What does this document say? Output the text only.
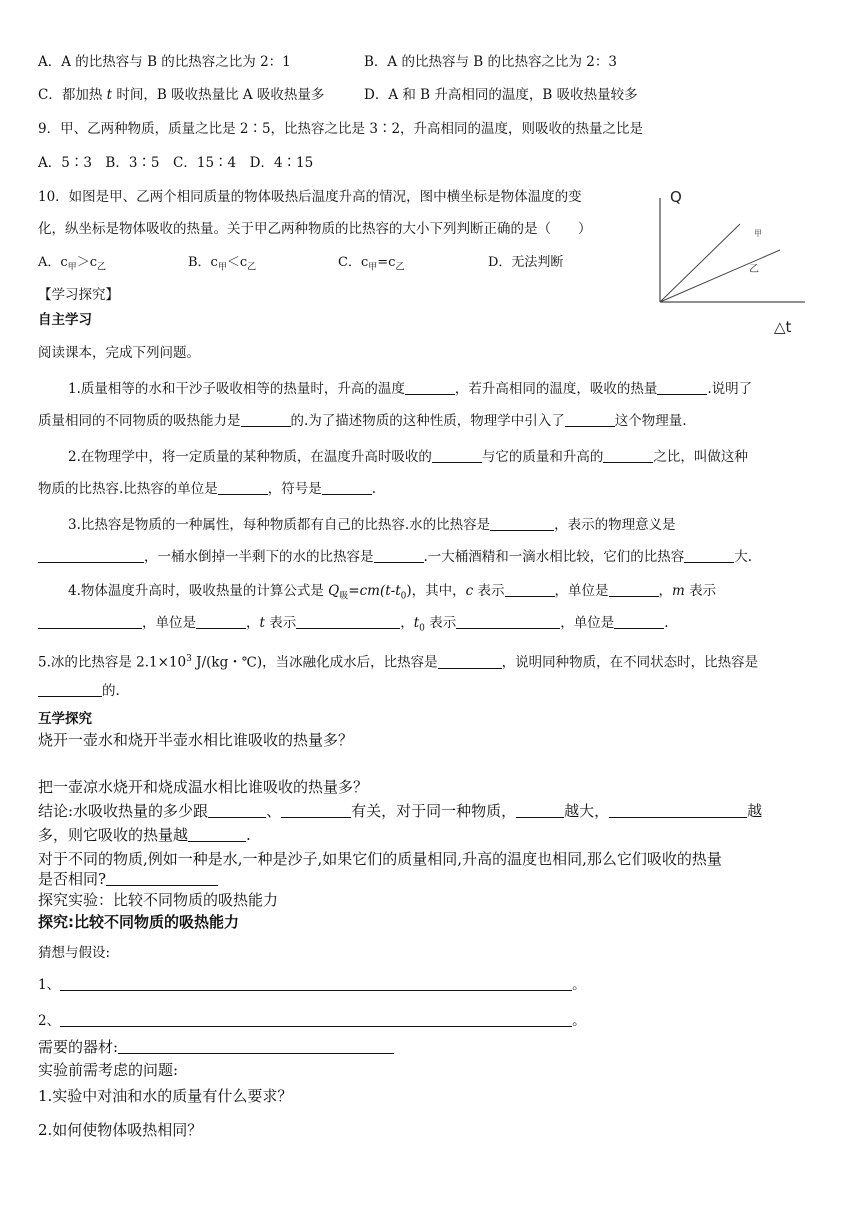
A．A 的比热容与 B 的比热容之比为 2：1	B．A 的比热容与 B 的比热容之比为 2：3
C．都加热 t 时间，B 吸收热量比 A 吸收热量多	D．A 和 B 升高相同的温度，B 吸收热量较多
9．甲、乙两种物质，质量之比是 2∶5，比热容之比是 3∶2，升高相同的温度，则吸收的热量之比是
A．5∶3　B．3∶5　C．15∶4　D．4∶15
10．如图是甲、乙两个相同质量的物体吸热后温度升高的情况，图中横坐标是物体温度的变
化，纵坐标是物体吸收的热量。关于甲乙两种物质的比热容的大小下列判断正确的是（　　）
A．$c_甲>c_乙$	B．$c_甲<c_乙$	C．$c_甲=c_乙$	D．无法判断
Q
△t
甲
乙
【学习探究】
自主学习
阅读课本，完成下列问题。
1.质量相等的水和干沙子吸收相等的热量时，升高的温度	，若升高相同的温度，吸收的热量	.说明了
质量相同的不同物质的吸热能力是	的.为了描述物质的这种性质，物理学中引入了	这个物理量.
2.在物理学中，将一定质量的某种物质，在温度升高时吸收的	与它的质量和升高的	之比，叫做这种
物质的比热容.比热容的单位是	，符号是	.
3.比热容是物质的一种属性，每种物质都有自己的比热容.水的比热容是	，表示的物理意义是
，一桶水倒掉一半剩下的水的比热容是	.一大桶酒精和一滴水相比较，它们的比热容	大.
4.物体温度升高时，吸收热量的计算公式是 $Q_吸=cm(t-t_0)$，其中，c 表示	，单位是	，m 表示
，单位是	，t 表示	，$t_0$ 表示	，单位是	.
5.冰的比热容是 $2.1\times 10^3$ J/(kg・℃)，当冰融化成水后，比热容是	，说明同种物质，在不同状态时，比热容是
的.
互学探究
烧开一壶水和烧开半壶水相比谁吸收的热量多？
把一壶凉水烧开和烧成温水相比谁吸收的热量多？
结论:水吸收热量的多少跟	、	有关，对于同一种物质，	越大，	越
多，则它吸收的热量越	.
对于不同的物质,例如一种是水,一种是沙子,如果它们的质量相同,升高的温度也相同,那么它们吸收的热量
是否相同?
探究实验：比较不同物质的吸热能力
探究:比较不同物质的吸热能力
猜想与假设:
1、	。
2、	。
需要的器材:
实验前需考虑的问题:
1.实验中对油和水的质量有什么要求？
2.如何使物体吸热相同？
